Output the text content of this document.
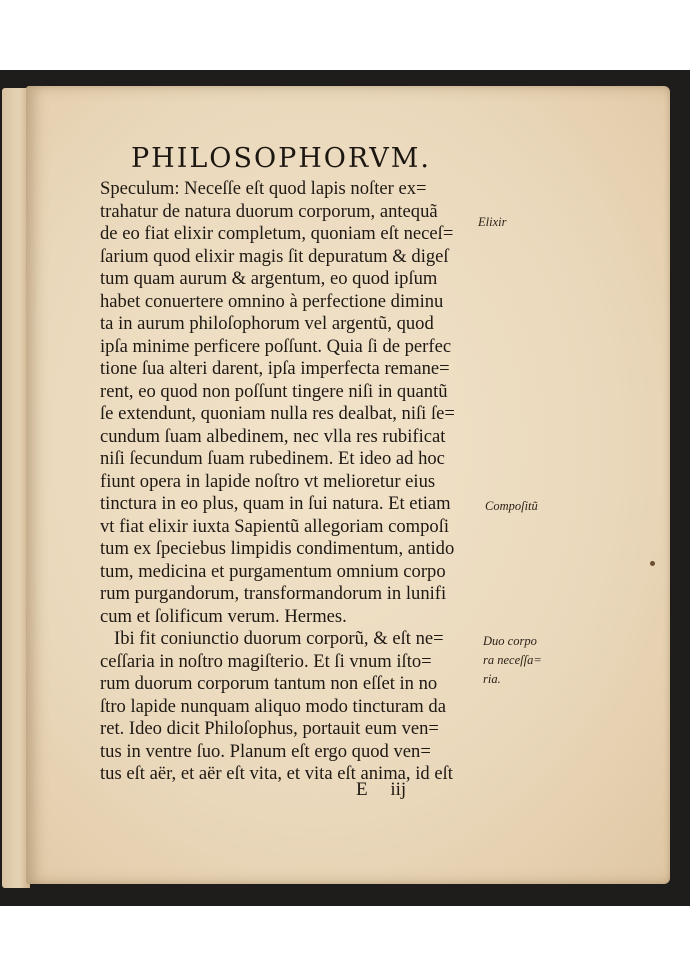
PHILOSOPHORVM.
Speculum: Neceſſe eſt quod lapis noſter ex=
trahatur de natura duorum corporum, antequã
de eo fiat elixir completum, quoniam eſt neceſ=
ſarium quod elixir magis ſit depuratum & digeſ
tum quam aurum & argentum, eo quod ipſum
habet conuertere omnino à perfectione diminu
ta in aurum philoſophorum vel argentũ, quod
ipſa minime perficere poſſunt. Quia ſi de perfec
tione ſua alteri darent, ipſa imperfecta remane=
rent, eo quod non poſſunt tingere niſi in quantũ
ſe extendunt, quoniam nulla res dealbat, niſi ſe=
cundum ſuam albedinem, nec vlla res rubificat
niſi ſecundum ſuam rubedinem. Et ideo ad hoc
fiunt opera in lapide noſtro vt melioretur eius
tinctura in eo plus, quam in ſui natura. Et etiam
vt fiat elixir iuxta Sapientũ allegoriam compoſi
tum ex ſpeciebus limpidis condimentum, antido
tum, medicina et purgamentum omnium corpo
rum purgandorum, transformandorum in lunifi
cum et ſolificum verum. Hermes.
Ibi fit coniunctio duorum corporũ, & eſt ne=
ceſſaria in noſtro magiſterio. Et ſi vnum iſto=
rum duorum corporum tantum non eſſet in no
ſtro lapide nunquam aliquo modo tincturam da
ret. Ideo dicit Philoſophus, portauit eum ven=
tus in ventre ſuo. Planum eſt ergo quod ven=
tus eſt aër, et aër eſt vita, et vita eſt anima, id eſt
Elixir
Compoſitũ
Duo corpo
ra neceſſa=
ria.
E iij
